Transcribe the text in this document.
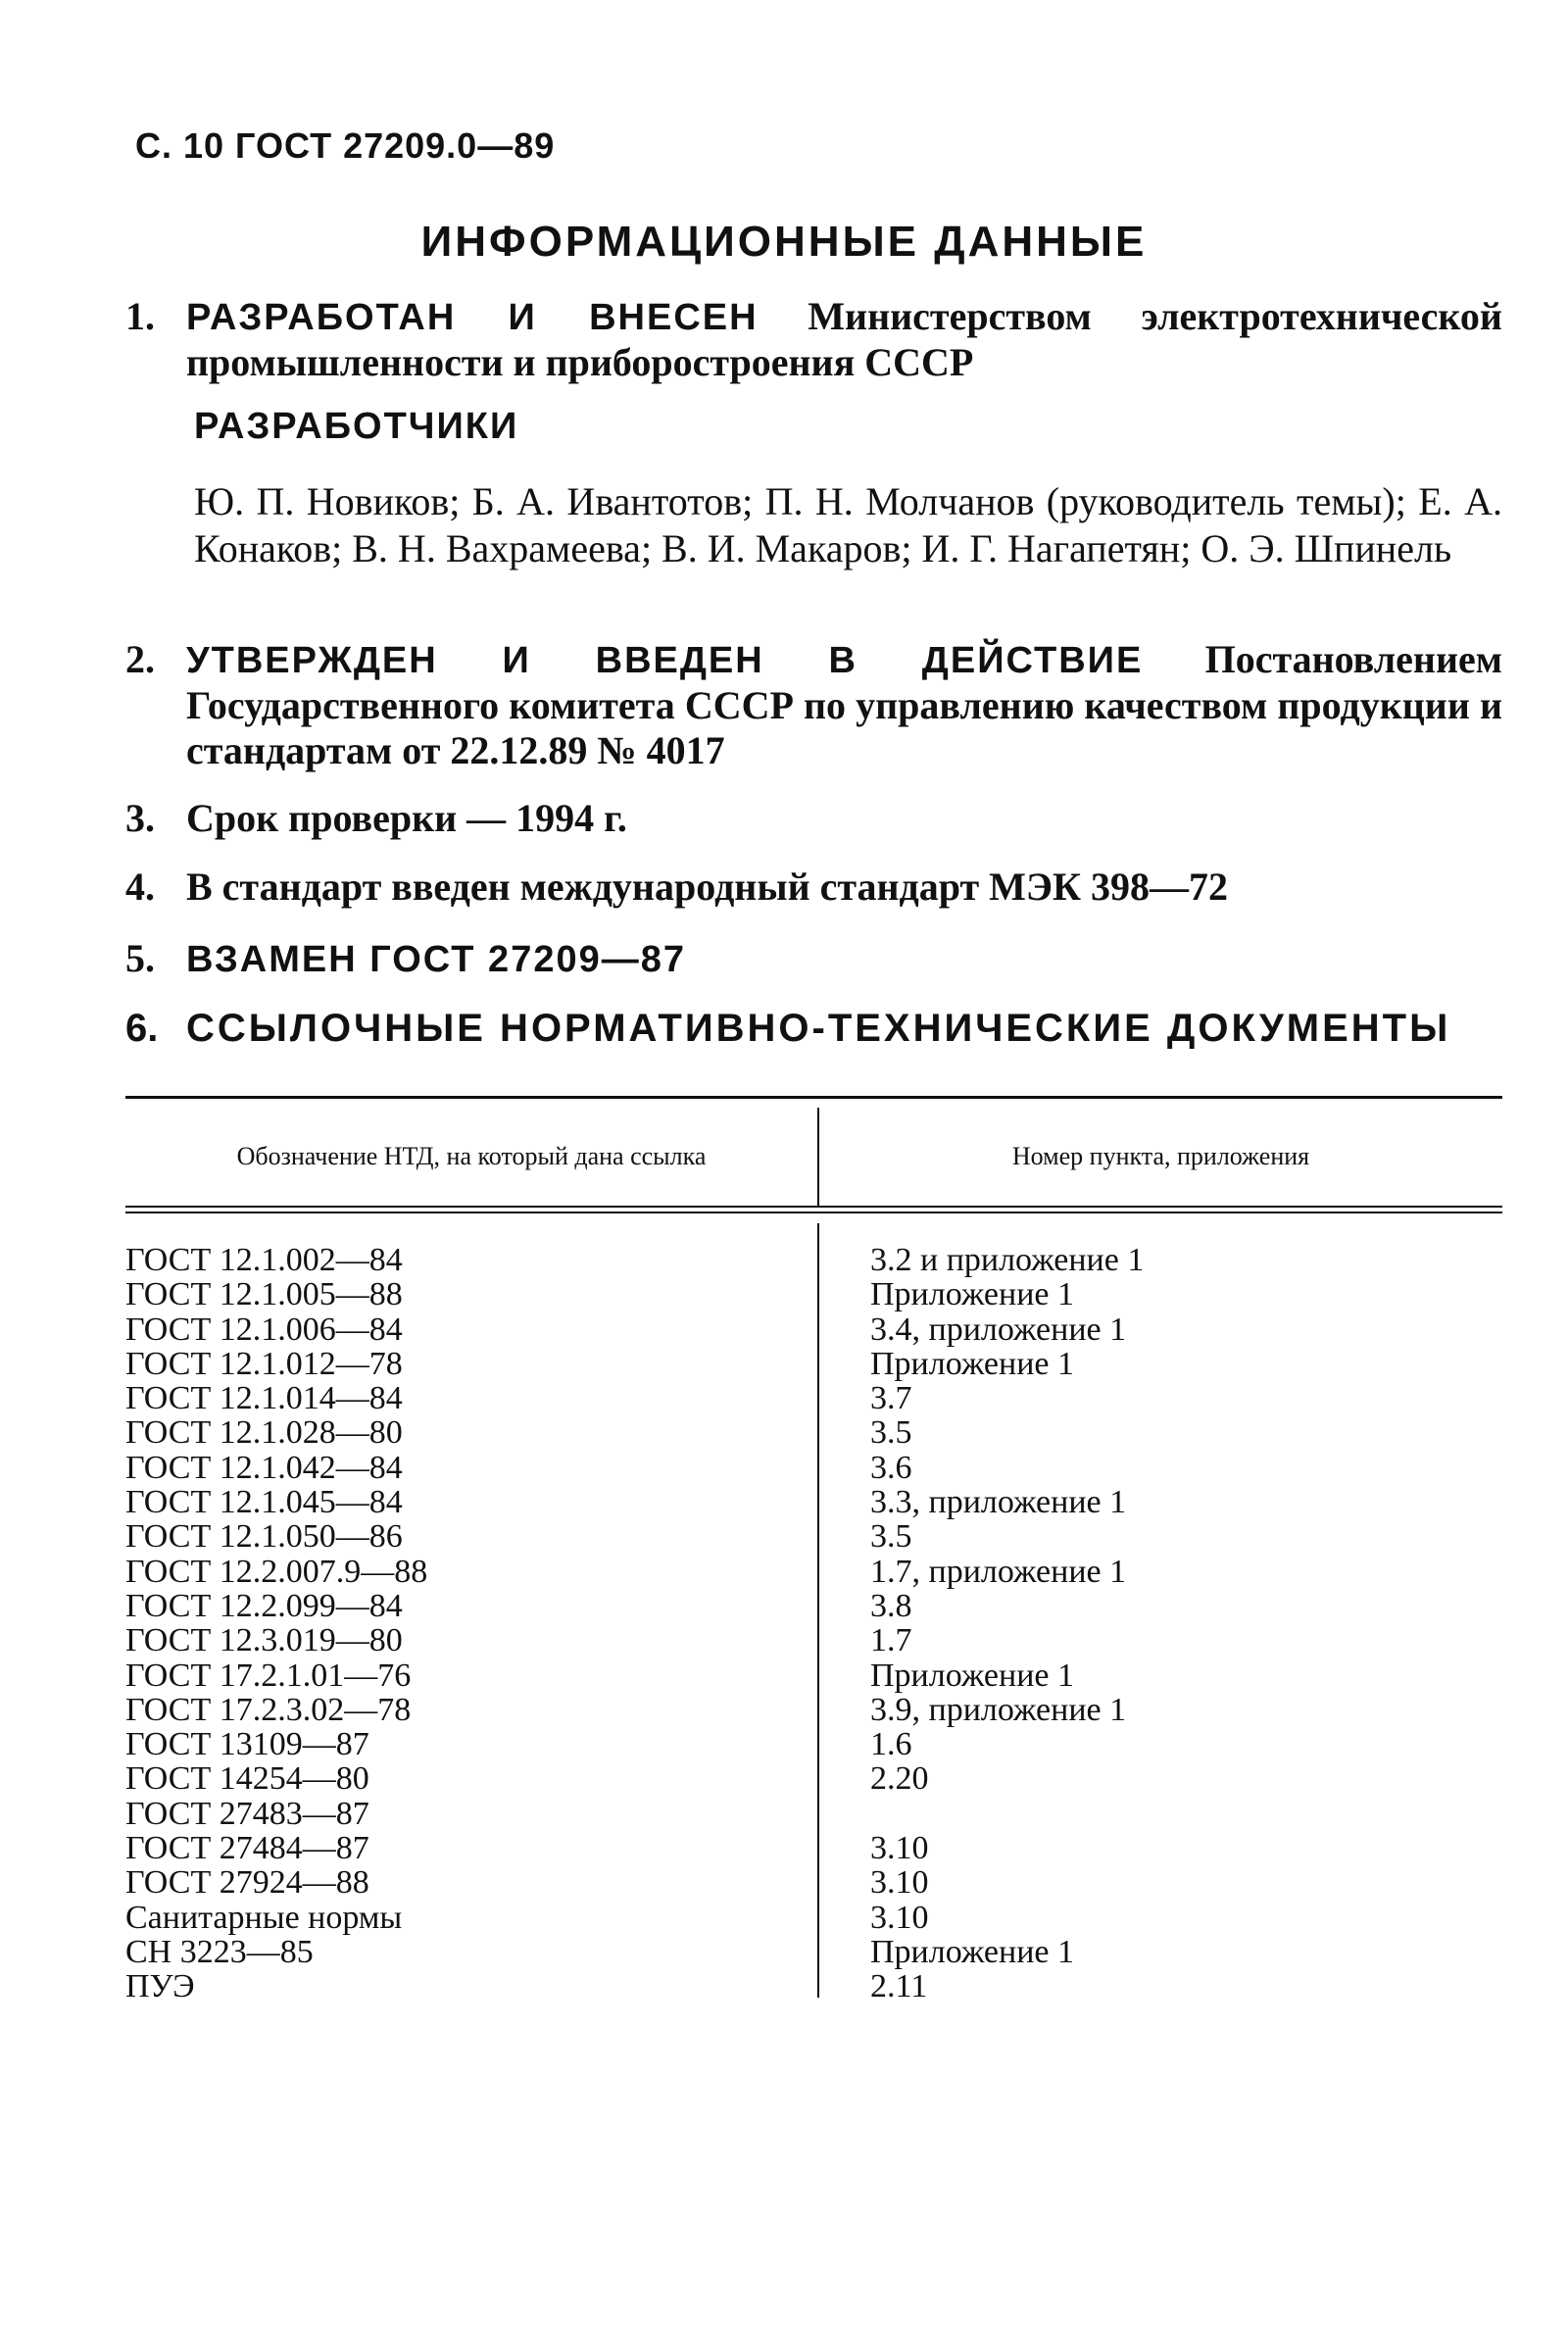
С. 10 ГОСТ 27209.0—89
ИНФОРМАЦИОННЫЕ ДАННЫЕ
1. РАЗРАБОТАН И ВНЕСЕН Министерством электротехнической промышленности и приборостроения СССР
РАЗРАБОТЧИКИ
Ю. П. Новиков; Б. А. Ивантотов; П. Н. Молчанов (руководитель темы); Е. А. Конаков; В. Н. Вахрамеева; В. И. Макаров; И. Г. Нагапетян; О. Э. Шпинель
2. УТВЕРЖДЕН И ВВЕДЕН В ДЕЙСТВИЕ Постановлением Государственного комитета СССР по управлению качеством продукции и стандартам от 22.12.89 № 4017
3. Срок проверки — 1994 г.
4. В стандарт введен международный стандарт МЭК 398—72
5. ВЗАМЕН ГОСТ 27209—87
6. ССЫЛОЧНЫЕ НОРМАТИВНО-ТЕХНИЧЕСКИЕ ДОКУМЕНТЫ
Обозначение НТД, на который дана ссылка	Номер пункта, приложения
ГОСТ 12.1.002—84
ГОСТ 12.1.005—88
ГОСТ 12.1.006—84
ГОСТ 12.1.012—78
ГОСТ 12.1.014—84
ГОСТ 12.1.028—80
ГОСТ 12.1.042—84
ГОСТ 12.1.045—84
ГОСТ 12.1.050—86
ГОСТ 12.2.007.9—88
ГОСТ 12.2.099—84
ГОСТ 12.3.019—80
ГОСТ 17.2.1.01—76
ГОСТ 17.2.3.02—78
ГОСТ 13109—87
ГОСТ 14254—80
ГОСТ 27483—87
ГОСТ 27484—87
ГОСТ 27924—88
Санитарные нормы
СН 3223—85
ПУЭ
3.2 и приложение 1
Приложение 1
3.4, приложение 1
Приложение 1
3.7
3.5
3.6
3.3, приложение 1
3.5
1.7, приложение 1
3.8
1.7
Приложение 1
3.9, приложение 1
1.6
2.20
3.10
3.10
3.10
Приложение 1
2.11
